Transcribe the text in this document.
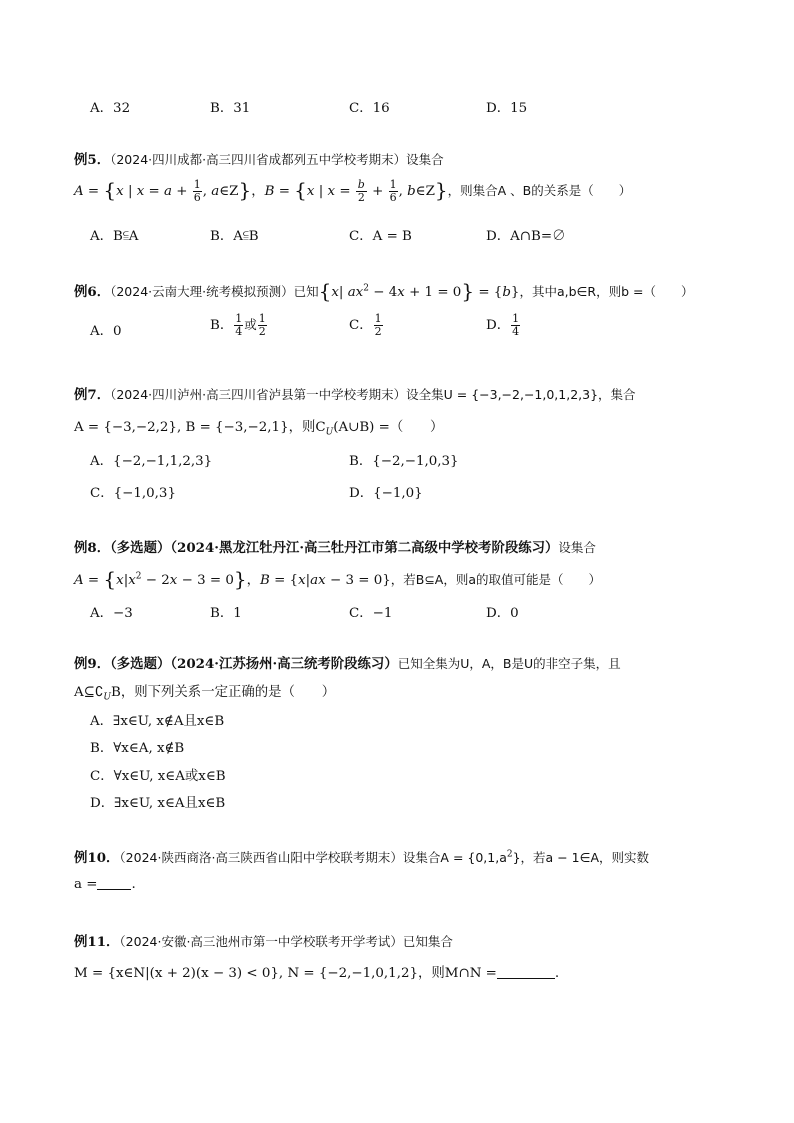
A．32	B．31	C．16	D．15
例5．（2024·四川成都·高三四川省成都列五中学校考期末）设集合
A = {x | $x = a + \frac{1}{6}$ , a∈Z}，B = {x | $x = \frac{b}{2} + \frac{1}{6}$ , b∈Z}，则集合A 、B的关系是（　　）
A．B⫅A	B．A⫅B	C．A = B	D．A∩B=∅
例6．（2024·云南大理·统考模拟预测）已知{x| $ax^2 - 4x + 1 = 0\} = \{b\}$，其中a,b∈R，则b =（　　）
A．0	B． $\frac{1}{4}$ 或 $\frac{1}{2}$	C． $\frac{1}{2}$	D． $\frac{1}{4}$
例7．（2024·四川泸州·高三四川省泸县第一中学校考期末）设全集U = {−3,−2,−1,0,1,2,3}，集合
A = {−3,−2,2}, B = {−3,−2,1}，则$C_U(A\cup B)$ =（　　）
A．{−2,−1,1,2,3}	B．{−2,−1,0,3}
C．{−1,0,3}	D．{−1,0}
例8．（多选题）（2024·黑龙江牡丹江·高三牡丹江市第二高级中学校考阶段练习）设集合
$A = \{x|x^2 - 2x - 3 = 0\}$，B = {x|ax − 3 = 0}，若B⊆A，则a的取值可能是（　　）
A．−3	B．1	C．−1	D．0
例9．（多选题）（2024·江苏扬州·高三统考阶段练习）已知全集为U，A，B是U的非空子集，且
$A⊆∁_UB$，则下列关系一定正确的是（　　）
A．∃x∈U, x∉A且x∈B
B．∀x∈A, x∉B
C．∀x∈U, x∈A或x∈B
D．∃x∈U, x∈A且x∈B
例10．（2024·陕西商洛·高三陕西省山阳中学校联考期末）设集合$A = \{0,1,a^2\}$，若a − 1∈A，则实数
a =	.
例11．（2024·安徽·高三池州市第一中学校联考开学考试）已知集合
M = {x∈N|(x + 2)(x − 3) < 0}, N = {−2,−1,0,1,2}，则M∩N =	.
